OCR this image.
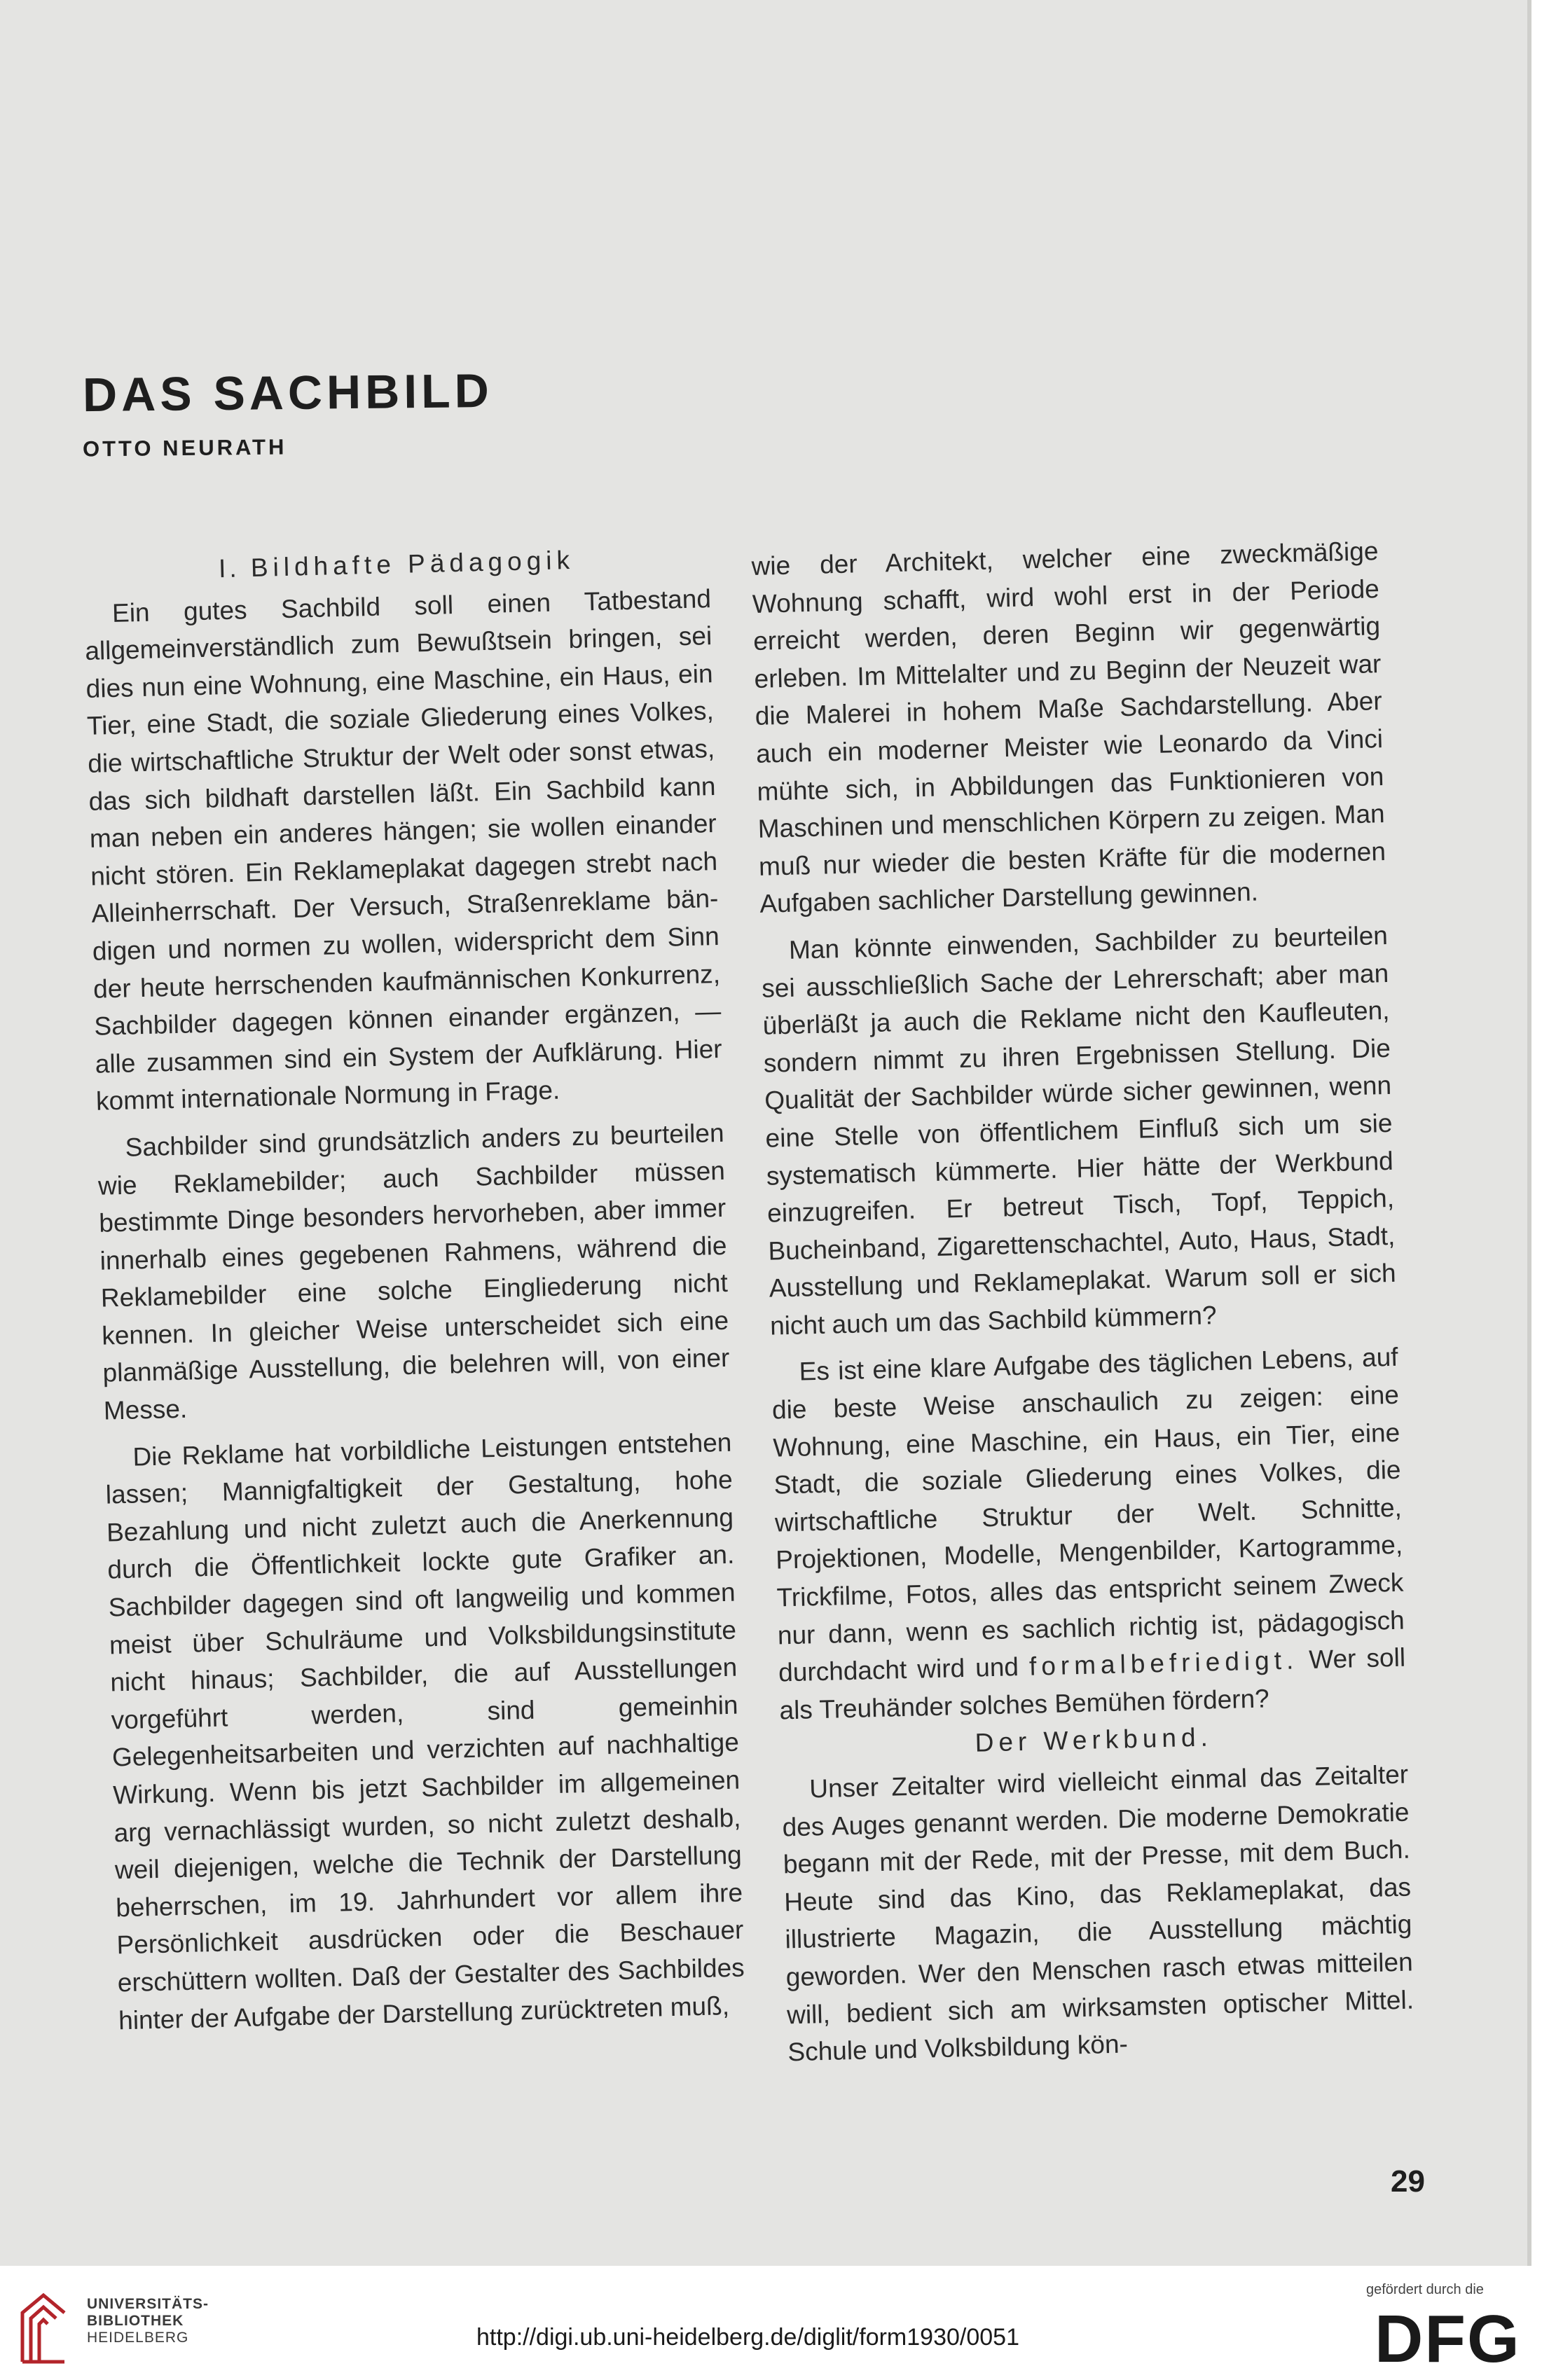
DAS SACHBILD
OTTO NEURATH
I. Bildhafte Pädagogik

Ein gutes Sachbild soll einen Tatbestand allgemeinverständlich zum Bewußtsein bringen, sei dies nun eine Wohnung, eine Maschine, ein Haus, ein Tier, eine Stadt, die soziale Gliederung eines Volkes, die wirtschaftliche Struktur der Welt oder sonst etwas, das sich bildhaft darstellen läßt. Ein Sachbild kann man neben ein anderes hängen; sie wollen einander nicht stören. Ein Reklameplakat dagegen strebt nach Alleinherrschaft. Der Versuch, Straßenreklame bändigen und normen zu wollen, widerspricht dem Sinn der heute herrschenden kaufmännischen Konkurrenz, Sachbilder dagegen können einander ergänzen, — alle zusammen sind ein System der Aufklärung. Hier kommt internationale Normung in Frage.

Sachbilder sind grundsätzlich anders zu beurteilen wie Reklamebilder; auch Sachbilder müssen bestimmte Dinge besonders hervorheben, aber immer innerhalb eines gegebenen Rahmens, während die Reklamebilder eine solche Eingliederung nicht kennen. In gleicher Weise unterscheidet sich eine planmäßige Ausstellung, die belehren will, von einer Messe.

Die Reklame hat vorbildliche Leistungen entstehen lassen; Mannigfaltigkeit der Gestaltung, hohe Bezahlung und nicht zuletzt auch die Anerkennung durch die Öffentlichkeit lockte gute Grafiker an. Sachbilder dagegen sind oft langweilig und kommen meist über Schulräume und Volksbildungsinstitute nicht hinaus; Sachbilder, die auf Ausstellungen vorgeführt werden, sind gemeinhin Gelegenheitsarbeiten und verzichten auf nachhaltige Wirkung. Wenn bis jetzt Sachbilder im allgemeinen arg vernachlässigt wurden, so nicht zuletzt deshalb, weil diejenigen, welche die Technik der Darstellung beherrschen, im 19. Jahrhundert vor allem ihre Persönlichkeit ausdrücken oder die Beschauer erschüttern wollten. Daß der Gestalter des Sachbildes hinter der Aufgabe der Darstellung zurücktreten muß,

wie der Architekt, welcher eine zweckmäßige Wohnung schafft, wird wohl erst in der Periode erreicht werden, deren Beginn wir gegenwärtig erleben. Im Mittelalter und zu Beginn der Neuzeit war die Malerei in hohem Maße Sachdarstellung. Aber auch ein moderner Meister wie Leonardo da Vinci mühte sich, in Abbildungen das Funktionieren von Maschinen und menschlichen Körpern zu zeigen. Man muß nur wieder die besten Kräfte für die modernen Aufgaben sachlicher Darstellung gewinnen.

Man könnte einwenden, Sachbilder zu beurteilen sei ausschließlich Sache der Lehrerschaft; aber man überläßt ja auch die Reklame nicht den Kaufleuten, sondern nimmt zu ihren Ergebnissen Stellung. Die Qualität der Sachbilder würde sicher gewinnen, wenn eine Stelle von öffentlichem Einfluß sich um sie systematisch kümmerte. Hier hätte der Werkbund einzugreifen. Er betreut Tisch, Topf, Teppich, Bucheinband, Zigarettenschachtel, Auto, Haus, Stadt, Ausstellung und Reklameplakat. Warum soll er sich nicht auch um das Sachbild kümmern?

Es ist eine klare Aufgabe des täglichen Lebens, auf die beste Weise anschaulich zu zeigen: eine Wohnung, eine Maschine, ein Haus, ein Tier, eine Stadt, die soziale Gliederung eines Volkes, die wirtschaftliche Struktur der Welt. Schnitte, Projektionen, Modelle, Mengenbilder, Kartogramme, Trickfilme, Fotos, alles das entspricht seinem Zweck nur dann, wenn es sachlich richtig ist, pädagogisch durchdacht wird und formalbefriedigt. Wer soll als Treuhänder solches Bemühen fördern?

Der Werkbund.

Unser Zeitalter wird vielleicht einmal das Zeitalter des Auges genannt werden. Die moderne Demokratie begann mit der Rede, mit der Presse, mit dem Buch. Heute sind das Kino, das Reklameplakat, das illustrierte Magazin, die Ausstellung mächtig geworden. Wer den Menschen rasch etwas mitteilen will, bedient sich am wirksamsten optischer Mittel. Schule und Volksbildung kön-

29
UNIVERSITÄTS-
BIBLIOTHEK
HEIDELBERG	http://digi.ub.uni-heidelberg.de/diglit/form1930/0051
gefördert durch die
DFG
